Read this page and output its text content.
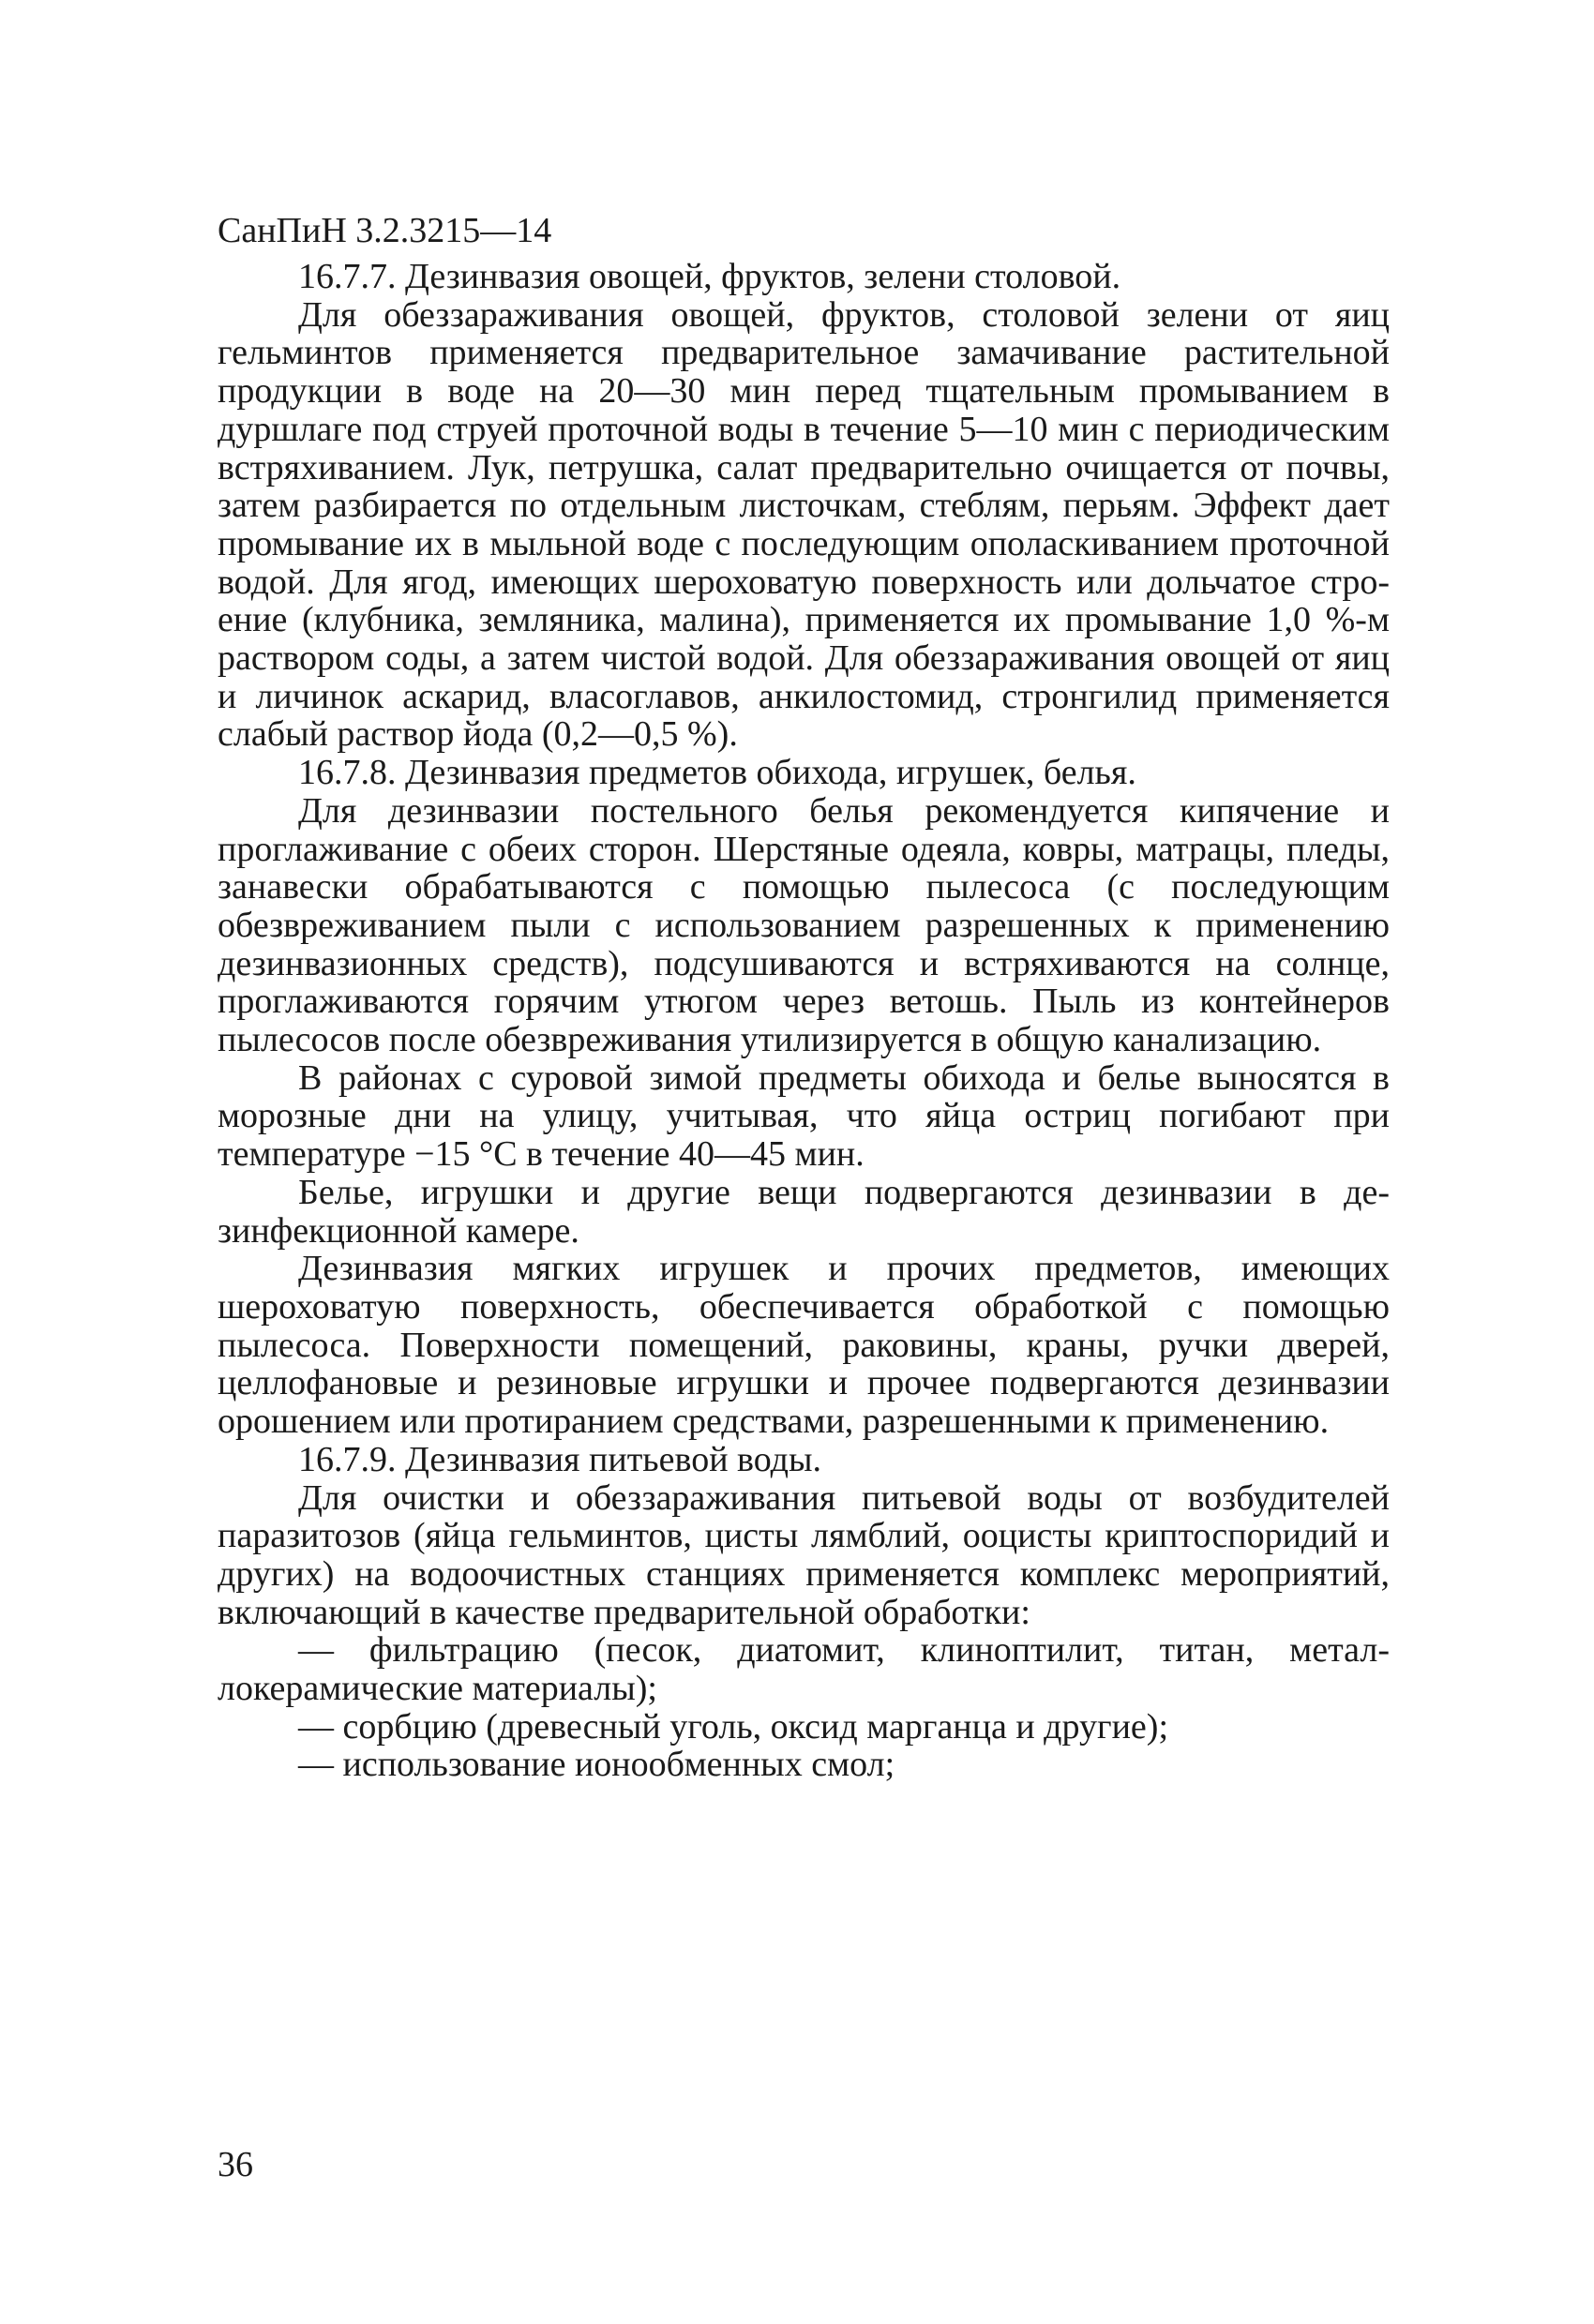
СанПиН 3.2.3215—14

16.7.7. Дезинвазия овощей, фруктов, зелени столовой.

Для обеззараживания овощей, фруктов, столовой зелени от яиц гельминтов применяется предварительное замачивание растительной продукции в воде на 20—30 мин перед тщательным промыванием в дуршлаге под струей проточной воды в течение 5—10 мин с периодическим встряхиванием. Лук, петрушка, салат предварительно очищается от почвы, затем разбирается по отдельным листочкам, стеблям, перьям. Эффект дает промывание их в мыльной воде с последующим ополаскиванием проточной водой. Для ягод, имеющих шероховатую поверхность или дольчатое строение (клубника, земляника, малина), применяется их промывание 1,0 %-м раствором соды, а затем чистой водой. Для обеззараживания овощей от яиц и личинок аскарид, власоглавов, анкилостомид, стронгилид применяется слабый раствор йода (0,2—0,5 %).

16.7.8. Дезинвазия предметов обихода, игрушек, белья.

Для дезинвазии постельного белья рекомендуется кипячение и проглаживание с обеих сторон. Шерстяные одеяла, ковры, матрацы, пледы, занавески обрабатываются с помощью пылесоса (с последующим обезвреживанием пыли с использованием разрешенных к применению дезинвазионных средств), подсушиваются и встряхиваются на солнце, проглаживаются горячим утюгом через ветошь. Пыль из контейнеров пылесосов после обезвреживания утилизируется в общую канализацию.

В районах с суровой зимой предметы обихода и белье выносятся в морозные дни на улицу, учитывая, что яйца остриц погибают при температуре −15 °С в течение 40—45 мин.

Белье, игрушки и другие вещи подвергаются дезинвазии в дезинфекционной камере.

Дезинвазия мягких игрушек и прочих предметов, имеющих шероховатую поверхность, обеспечивается обработкой с помощью пылесоса. Поверхности помещений, раковины, краны, ручки дверей, целлофановые и резиновые игрушки и прочее подвергаются дезинвазии орошением или протиранием средствами, разрешенными к применению.

16.7.9. Дезинвазия питьевой воды.

Для очистки и обеззараживания питьевой воды от возбудителей паразитозов (яйца гельминтов, цисты лямблий, ооцисты криптоспоридий и других) на водоочистных станциях применяется комплекс мероприятий, включающий в качестве предварительной обработки:

— фильтрацию (песок, диатомит, клиноптилит, титан, металлокерамические материалы);

— сорбцию (древесный уголь, оксид марганца и другие);

— использование ионообменных смол;

36
